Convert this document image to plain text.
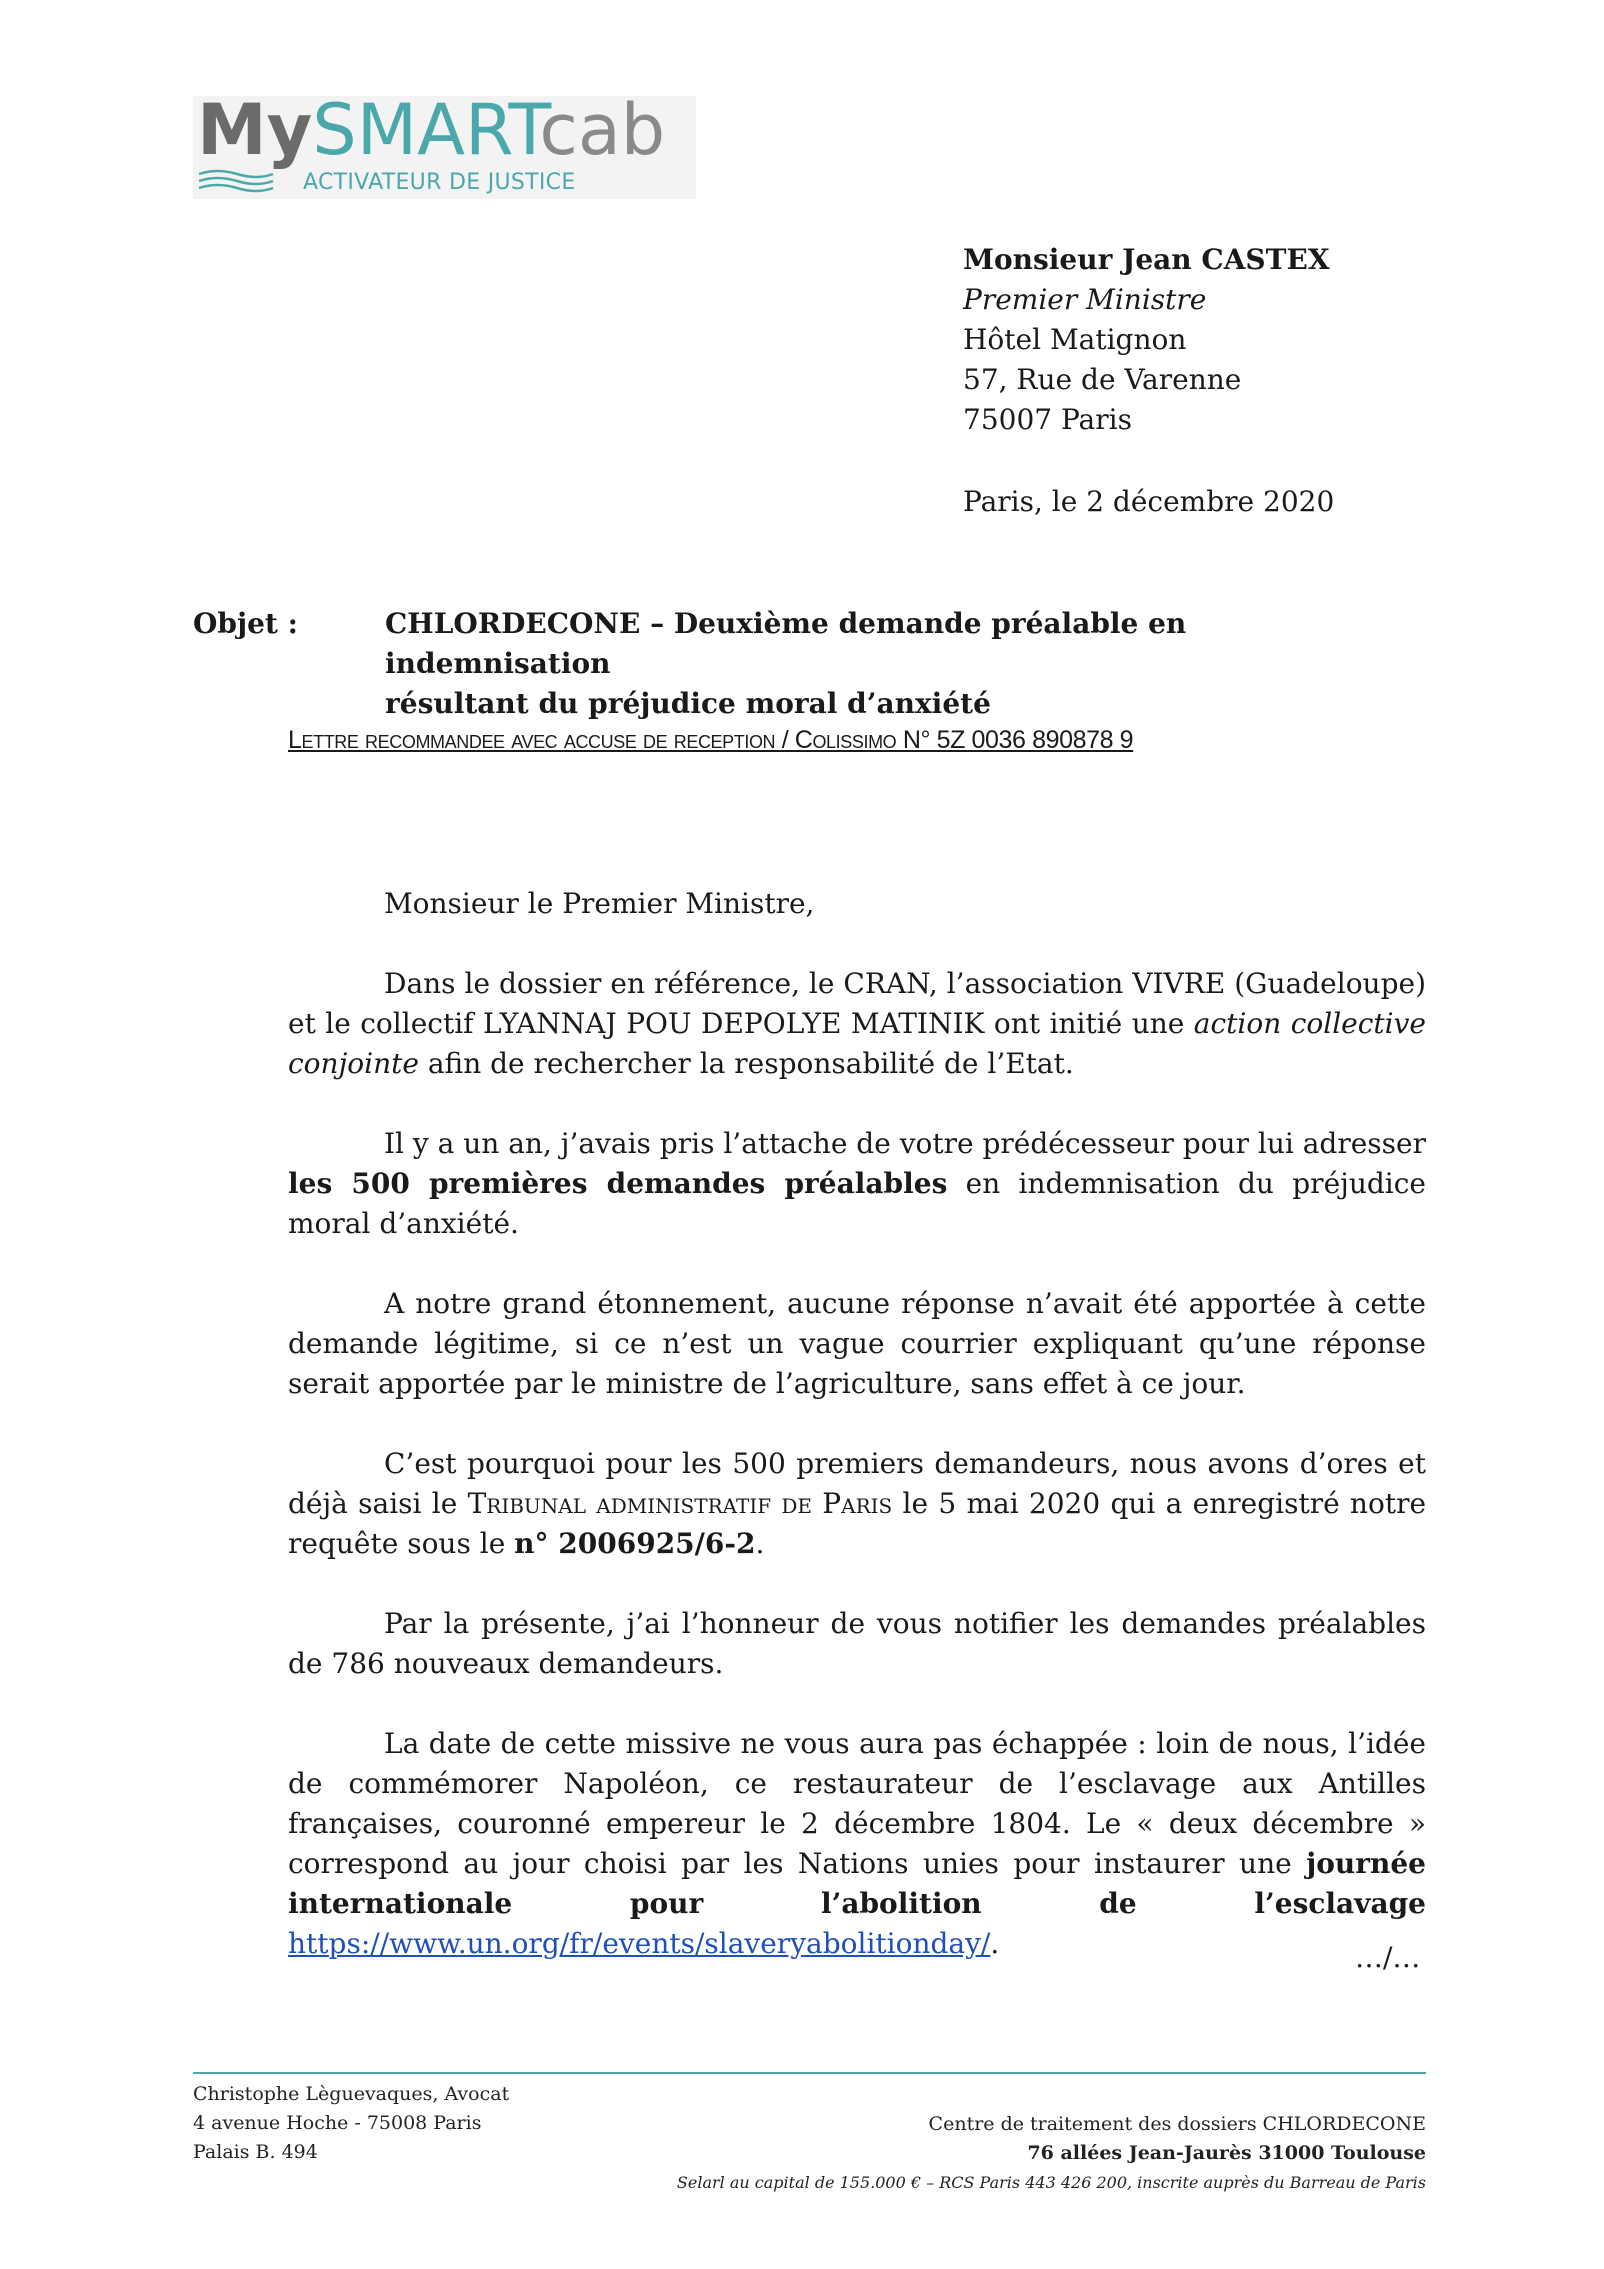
MySMARTcab
ACTIVATEUR DE JUSTICE
Monsieur Jean CASTEX
Premier Ministre
Hôtel Matignon
57, Rue de Varenne
75007 Paris
Paris, le 2 décembre 2020
Objet :	CHLORDECONE – Deuxième demande préalable en indemnisation
résultant du préjudice moral d’anxiété
Lettre recommandee avec accuse de reception / Colissimo N° 5Z 0036 890878 9

Monsieur le Premier Ministre,

Dans le dossier en référence, le CRAN, l’association VIVRE (Guadeloupe) et le collectif LYANNAJ POU DEPOLYE MATINIK ont initié une action collective conjointe afin de rechercher la responsabilité de l’Etat.

Il y a un an, j’avais pris l’attache de votre prédécesseur pour lui adresser les 500 premières demandes préalables en indemnisation du préjudice moral d’anxiété.

A notre grand étonnement, aucune réponse n’avait été apportée à cette demande légitime, si ce n’est un vague courrier expliquant qu’une réponse serait apportée par le ministre de l’agriculture, sans effet à ce jour.

C’est pourquoi pour les 500 premiers demandeurs, nous avons d’ores et déjà saisi le Tribunal administratif de Paris le 5 mai 2020 qui a enregistré notre requête sous le n° 2006925/6-2.

Par la présente, j’ai l’honneur de vous notifier les demandes préalables de 786 nouveaux demandeurs.

La date de cette missive ne vous aura pas échappée : loin de nous, l’idée de commémorer Napoléon, ce restaurateur de l’esclavage aux Antilles françaises, couronné empereur le 2 décembre 1804. Le « deux décembre » correspond au jour choisi par les Nations unies pour instaurer une journée internationale pour l’abolition de l’esclavage https://www.un.org/fr/events/slaveryabolitionday/.	…/…
Christophe Lèguevaques, Avocat
4 avenue Hoche - 75008 Paris
Palais B. 494
Centre de traitement des dossiers CHLORDECONE
76 allées Jean-Jaurès 31000 Toulouse
Selarl au capital de 155.000 € – RCS Paris 443 426 200, inscrite auprès du Barreau de Paris
